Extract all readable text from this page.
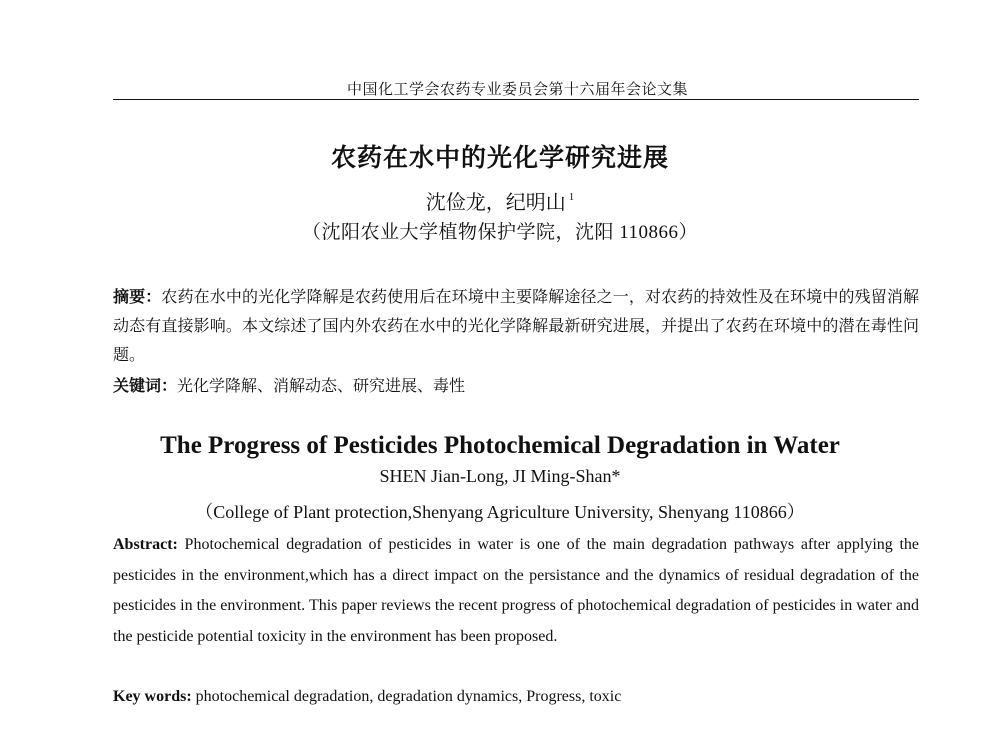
中国化工学会农药专业委员会第十六届年会论文集
农药在水中的光化学研究进展
沈俭龙，纪明山 $^1$
（沈阳农业大学植物保护学院，沈阳 110866）
摘要：农药在水中的光化学降解是农药使用后在环境中主要降解途径之一，对农药的持效性及在环境中的残留消解动态有直接影响。本文综述了国内外农药在水中的光化学降解最新研究进展，并提出了农药在环境中的潜在毒性问题。
关键词：光化学降解、消解动态、研究进展、毒性
The Progress of Pesticides Photochemical Degradation in Water
SHEN Jian-Long, JI Ming-Shan*
（College of Plant protection,Shenyang Agriculture University, Shenyang 110866）
Abstract: Photochemical degradation of pesticides in water is one of the main degradation pathways after applying the pesticides in the environment,which has a direct impact on the persistance and the dynamics of residual degradation of the pesticides in the environment. This paper reviews the recent progress of photochemical degradation of pesticides in water and the pesticide potential toxicity in the environment has been proposed.
Key words: photochemical degradation, degradation dynamics, Progress, toxic
